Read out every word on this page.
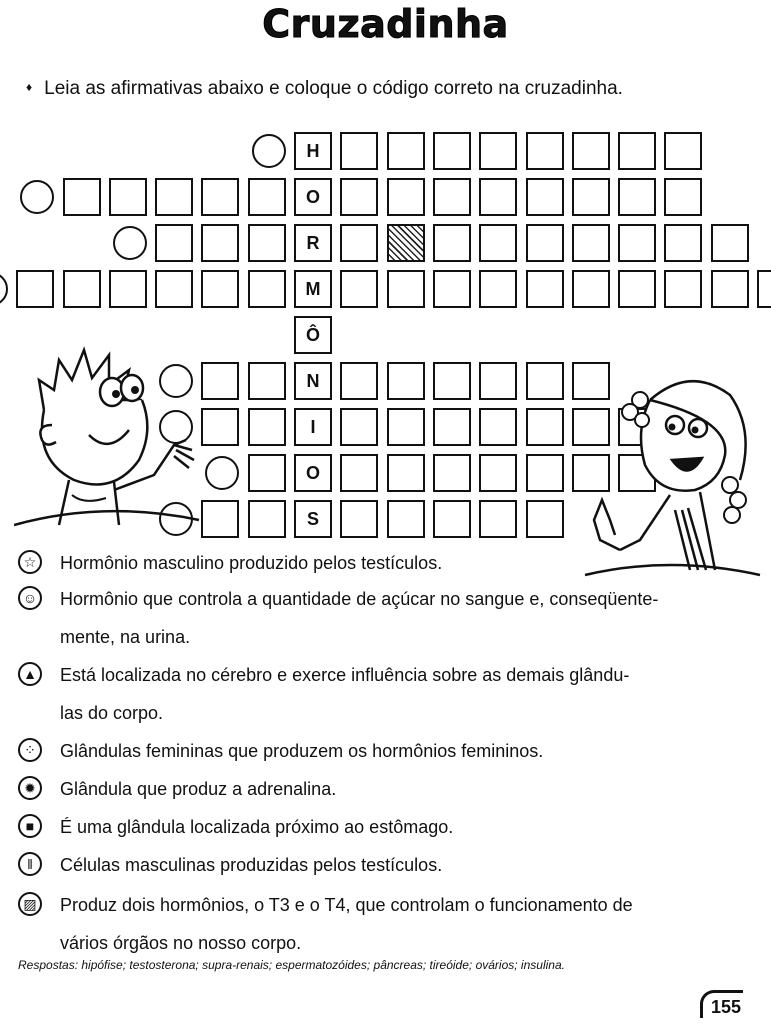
Cruzadinha
♦ Leia as afirmativas abaixo e coloque o código correto na cruzadinha.
H
O
R
M
Ô
N
I
O
S
☆	Hormônio masculino produzido pelos testículos.
☺	Hormônio que controla a quantidade de açúcar no sangue e, conseqüente-
mente, na urina.
▲	Está localizada no cérebro e exerce influência sobre as demais glându-
las do corpo.
⁘	Glândulas femininas que produzem os hormônios femininos.
✹	Glândula que produz a adrenalina.
■	É uma glândula localizada próximo ao estômago.
‖	Células masculinas produzidas pelos testículos.
▨	Produz dois hormônios, o T3 e o T4, que controlam o funcionamento de
vários órgãos no nosso corpo.
Respostas: hipófise; testosterona; supra-renais; espermatozóides; pâncreas; tireóide; ovários; insulina.
155
